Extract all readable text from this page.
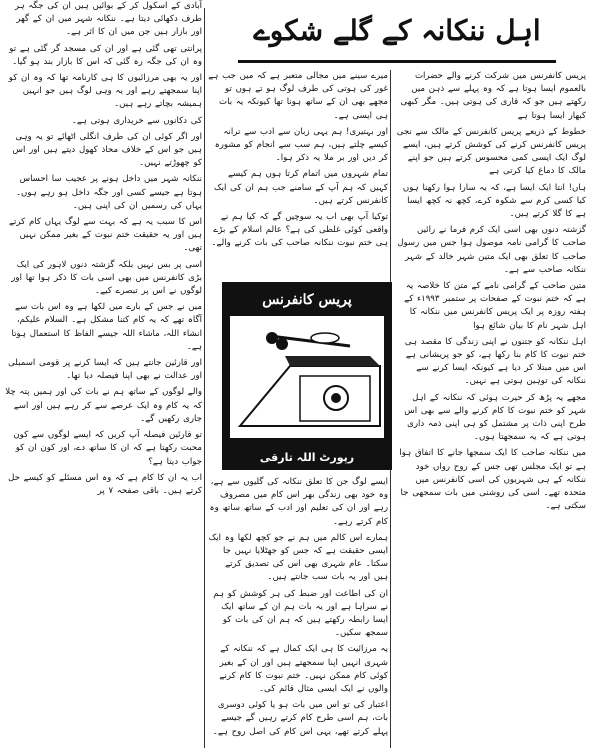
اہل ننکانہ کے گلے شکوے

پریس کانفرنس میں شرکت کرنے والے حضرات بالعموم ایسا ہوتا ہے کہ وہ پہلے سے ذہن میں رکھتے ہیں جو کہ قاری کی ہوتی ہیں۔ مگر کبھی کبھار ایسا ہوتا ہے

خطوط کے ذریعے پریس کانفرنس کے مالک سے نجی پریس کانفرنس کرنے کی کوشش کرتے ہیں، ایسے لوگ ایک ایسی کمی محسوس کرتے ہیں جو اپنے مالک کا دماغ کیا کرتی ہے

ہاں! انتا ایک ایسا ہے، کہ یہ سارا ہوا رکھنا ہوں کیا کسی کرم سے شکوہ کرے، کچھ نہ کچھ ایسا ہے کا گلا کرتے ہیں۔

گزشتہ دنوں بھی اسی ایک کرم فرما نے رائیں صاحب کا گرامی نامہ موصول ہوا جس میں رسول صاحب کا تعلق بھی ایک متین شہر خالد کے شہر ننکانہ صاحب سے ہے۔

متین صاحب کے گرامی نامے کے متن کا خلاصہ یہ ہے کہ ختم نبوت کے صفحات پر ستمبر ۱۹۹۳ء کے ہفتہ روزہ پر ایک پریس کانفرنس میں ننکانہ کا اہل شہر نام کا بیان شائع ہوا

اہل ننکانہ کو جتنوں نے اپنی زندگی کا مقصد ہی ختم نبوت کا کام بنا رکھا ہے، کو جو پریشانی ہے اس میں مبتلا کر دیا ہے کیونکہ ایسا کرنے سے ننکانہ کی توہین ہوتی ہے نہیں۔

مجھے یہ پڑھ کر حیرت ہوئی کہ ننکانہ کے اہل شہر کو ختم نبوت کا کام کرنے والے سے بھی اس طرح اپنی ذات پر مشتمل کو ہی اپنی ذمہ داری ہوتی ہے کہ یہ سمجھتا ہوں۔

میں ننکانہ صاحب کا ایک سمجھا جانے کا اتفاق ہوا ہے تو ایک مجلس تھی جس کے روح رواں خود ننکانہ کے ہی شہریوں کی اسی کانفرنس میں متحدہ تھے۔ اسی کی روشنی میں بات سمجھی جا سکتی ہے۔

میرے سینے میں مجالی متعبر ہے کہ میں جب ہے غور کی ہوتی کی طرف لوگ ہو تے ہوں تو مجھے بھی ان کے ساتھ ہونا تھا کیونکہ یہ بات ہی ایسی ہے۔

اور بہتیری! ہم یہی زبان سے ادب سے ترانہ کیسے چلتے ہیں، ہم سب سے انجام کو مشورہ کر دیں اور بر ملا یہ ذکر ہوا۔

تمام شہروں میں اتمام کرتا ہوں ہم کیسے کہیں کہ ہم آپ کے سامنے جب ہم ان کی ایک کانفرنس کرتے ہیں۔

توکیا آپ بھی اب یہ سوچیں گے کہ کیا ہم نے واقعی کوئی غلطی کی ہے؟ عالم اسلام کے بڑے ہی ختم نبوت ننکانہ صاحب کی بات کرنے والے۔

پریس کانفرنس
رپورٹ اللہ تارقی

ایسے لوگ جن کا تعلق ننکانہ کی گلیوں سے ہے، وہ خود بھی زندگی بھر اس کام میں مصروف رہے اور ان کی تعلیم اور ادب کے ساتھ ساتھ وہ کام کرتے رہے۔

ہمارے اس کالم میں ہم نے جو کچھ لکھا وہ ایک ایسی حقیقت ہے کہ جس کو جھٹلایا نہیں جا سکتا۔ عام شہری بھی اس کی تصدیق کرتے ہیں اور یہ بات سب جانتے ہیں۔

ان کی اطاعت اور ضبط کی ہر کوشش کو ہم نے سراہا ہے اور یہ بات ہم ان کے ساتھ ایک ایسا رابطہ رکھتے ہیں کہ ہم ان کی بات کو سمجھ سکیں۔

یہ مرزائیت کا ہی ایک کمال ہے کہ ننکانہ کے شہری انہیں اپنا سمجھتے ہیں اور ان کے بغیر کوئی کام ممکن نہیں۔ ختم نبوت کا کام کرنے والوں نے ایک ایسی مثال قائم کی۔

اعتبار کی تو اس میں بات ہو یا کوئی دوسری بات، ہم اسی طرح کام کرتے رہیں گے جیسے پہلے کرتے تھے، یہی اس کام کی اصل روح ہے۔

آبادی کے اسکول کر کے بوائیں ہیں ان کی جگہ ہر طرف دکھائی دیتا ہے۔ ننکانہ شہر میں ان کے گھر اور بازار ہیں جن میں ان کا اثر ہے۔

پرانتی تھی گئی ہے اور ان کی مسجد گر گئی ہے تو وہ ان کی جگہ رہ گئی کہ اس کا بازار بند ہو گیا۔

اور یہ بھی مرزائیوں کا ہی کارنامہ تھا کہ وہ ان کو اپنا سمجھتے رہے اور یہ وہی لوگ ہیں جو انہیں ہمیشہ بچاتے رہے ہیں۔

کی دکانوں سے خریداری ہوتی ہے۔

اور اگر کوئی ان کی طرف انگلی اٹھائے تو یہ وہی ہیں جو اس کے خلاف محاذ کھول دیتے ہیں اور اس کو چھوڑتے نہیں۔

ننکانہ شہر میں داخل ہونے پر عجیب سا احساس ہوتا ہے جیسے کسی اور جگہ داخل ہو رہے ہوں۔ یہاں کی رسمیں ان کی اپنی ہیں۔

اس کا سبب یہ ہے کہ بہت سے لوگ یہاں کام کرتے ہیں اور یہ حقیقت ختم نبوت کے بغیر ممکن نہیں تھی۔

اسی پر بس نہیں بلکہ گزشتہ دنوں لاہور کی ایک بڑی کانفرنس میں بھی اسی بات کا ذکر ہوا تھا اور لوگوں نے اس پر تبصرے کیے۔

میں نے جس کے بارے میں لکھا ہے وہ اس بات سے آگاہ تھے کہ یہ کام کتنا مشکل ہے۔ السلام علیکم، انشاء اللہ، ماشاء اللہ جیسے الفاظ کا استعمال ہوتا ہے۔

اور قارئین جانتے ہیں کہ ایسا کرنے پر قومی اسمبلی اور عدالت نے بھی اپنا فیصلہ دیا تھا۔

والے لوگوں کے ساتھ ہم نے بات کی اور ہمیں پتہ چلا کہ یہ کام وہ ایک عرصے سے کر رہے ہیں اور اسے جاری رکھیں گے۔

تو قارئین فیصلہ آپ کریں کہ ایسے لوگوں سے کون محبت رکھتا ہے کہ ان کا ساتھ دے، اور کون ان کو جواب دیتا ہے؟

اب یہ ان کا کام ہے کہ وہ اس مسئلے کو کیسے حل کرتے ہیں۔ باقی صفحہ ۷ پر
